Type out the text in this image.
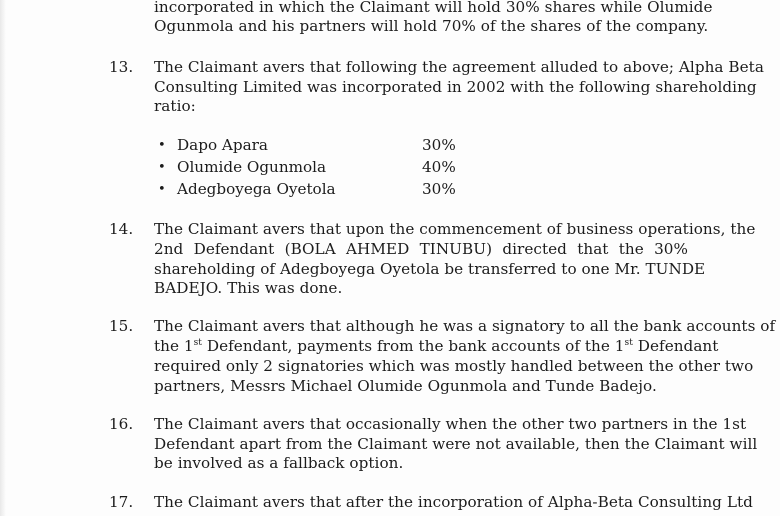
incorporated in which the Claimant will hold 30% shares while Olumide
Ogunmola and his partners will hold 70% of the shares of the company.
13. The Claimant avers that following the agreement alluded to above; Alpha Beta
Consulting Limited was incorporated in 2002 with the following shareholding
ratio:
• Dapo Apara	30%
• Olumide Ogunmola	40%
• Adegboyega Oyetola	30%
14. The Claimant avers that upon the commencement of business operations, the
2nd Defendant (BOLA AHMED TINUBU) directed that the 30%
shareholding of Adegboyega Oyetola be transferred to one Mr. TUNDE
BADEJO. This was done.
15. The Claimant avers that although he was a signatory to all the bank accounts of
the 1st Defendant, payments from the bank accounts of the 1st Defendant
required only 2 signatories which was mostly handled between the other two
partners, Messrs Michael Olumide Ogunmola and Tunde Badejo.
16. The Claimant avers that occasionally when the other two partners in the 1st
Defendant apart from the Claimant were not available, then the Claimant will
be involved as a fallback option.
17. The Claimant avers that after the incorporation of Alpha-Beta Consulting Ltd
